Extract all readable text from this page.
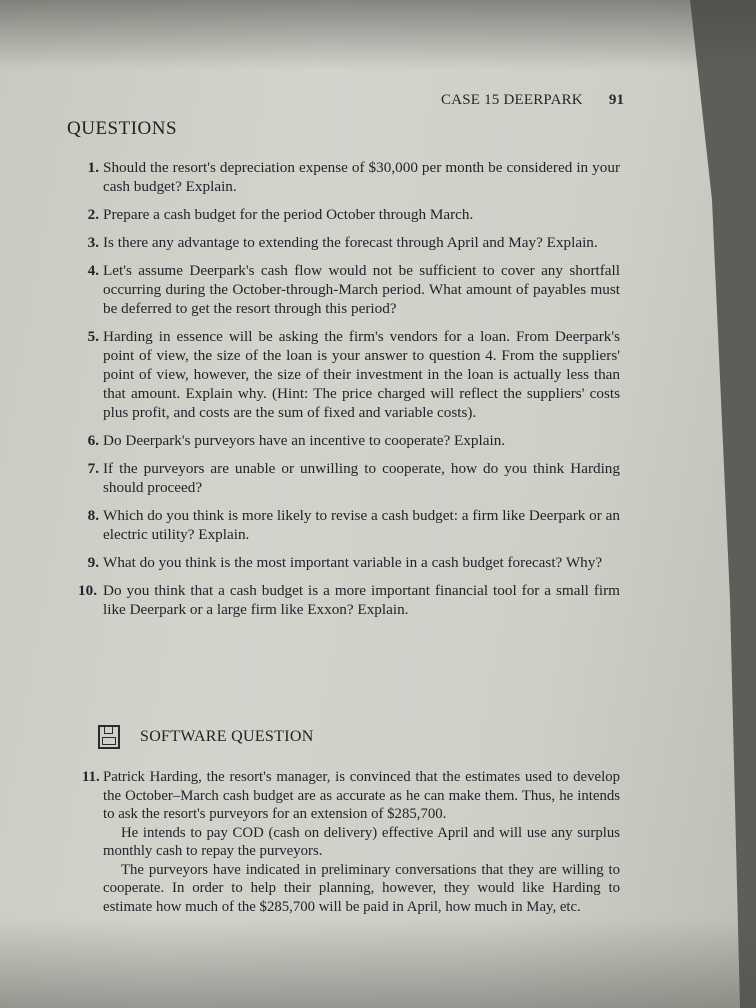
CASE 15 DEERPARK 91
QUESTIONS
1. Should the resort's depreciation expense of $30,000 per month be considered in your cash budget? Explain.
2. Prepare a cash budget for the period October through March.
3. Is there any advantage to extending the forecast through April and May? Explain.
4. Let's assume Deerpark's cash flow would not be sufficient to cover any shortfall occurring during the October-through-March period. What amount of payables must be deferred to get the resort through this period?
5. Harding in essence will be asking the firm's vendors for a loan. From Deerpark's point of view, the size of the loan is your answer to question 4. From the suppliers' point of view, however, the size of their investment in the loan is actually less than that amount. Explain why. (Hint: The price charged will reflect the suppliers' costs plus profit, and costs are the sum of fixed and variable costs).
6. Do Deerpark's purveyors have an incentive to cooperate? Explain.
7. If the purveyors are unable or unwilling to cooperate, how do you think Harding should proceed?
8. Which do you think is more likely to revise a cash budget: a firm like Deerpark or an electric utility? Explain.
9. What do you think is the most important variable in a cash budget forecast? Why?
10. Do you think that a cash budget is a more important financial tool for a small firm like Deerpark or a large firm like Exxon? Explain.
SOFTWARE QUESTION

11. Patrick Harding, the resort's manager, is convinced that the estimates used to develop the October–March cash budget are as accurate as he can make them. Thus, he intends to ask the resort's purveyors for an extension of $285,700.

He intends to pay COD (cash on delivery) effective April and will use any surplus monthly cash to repay the purveyors.

The purveyors have indicated in preliminary conversations that they are willing to cooperate. In order to help their planning, however, they would like Harding to estimate how much of the $285,700 will be paid in April, how much in May, etc.
